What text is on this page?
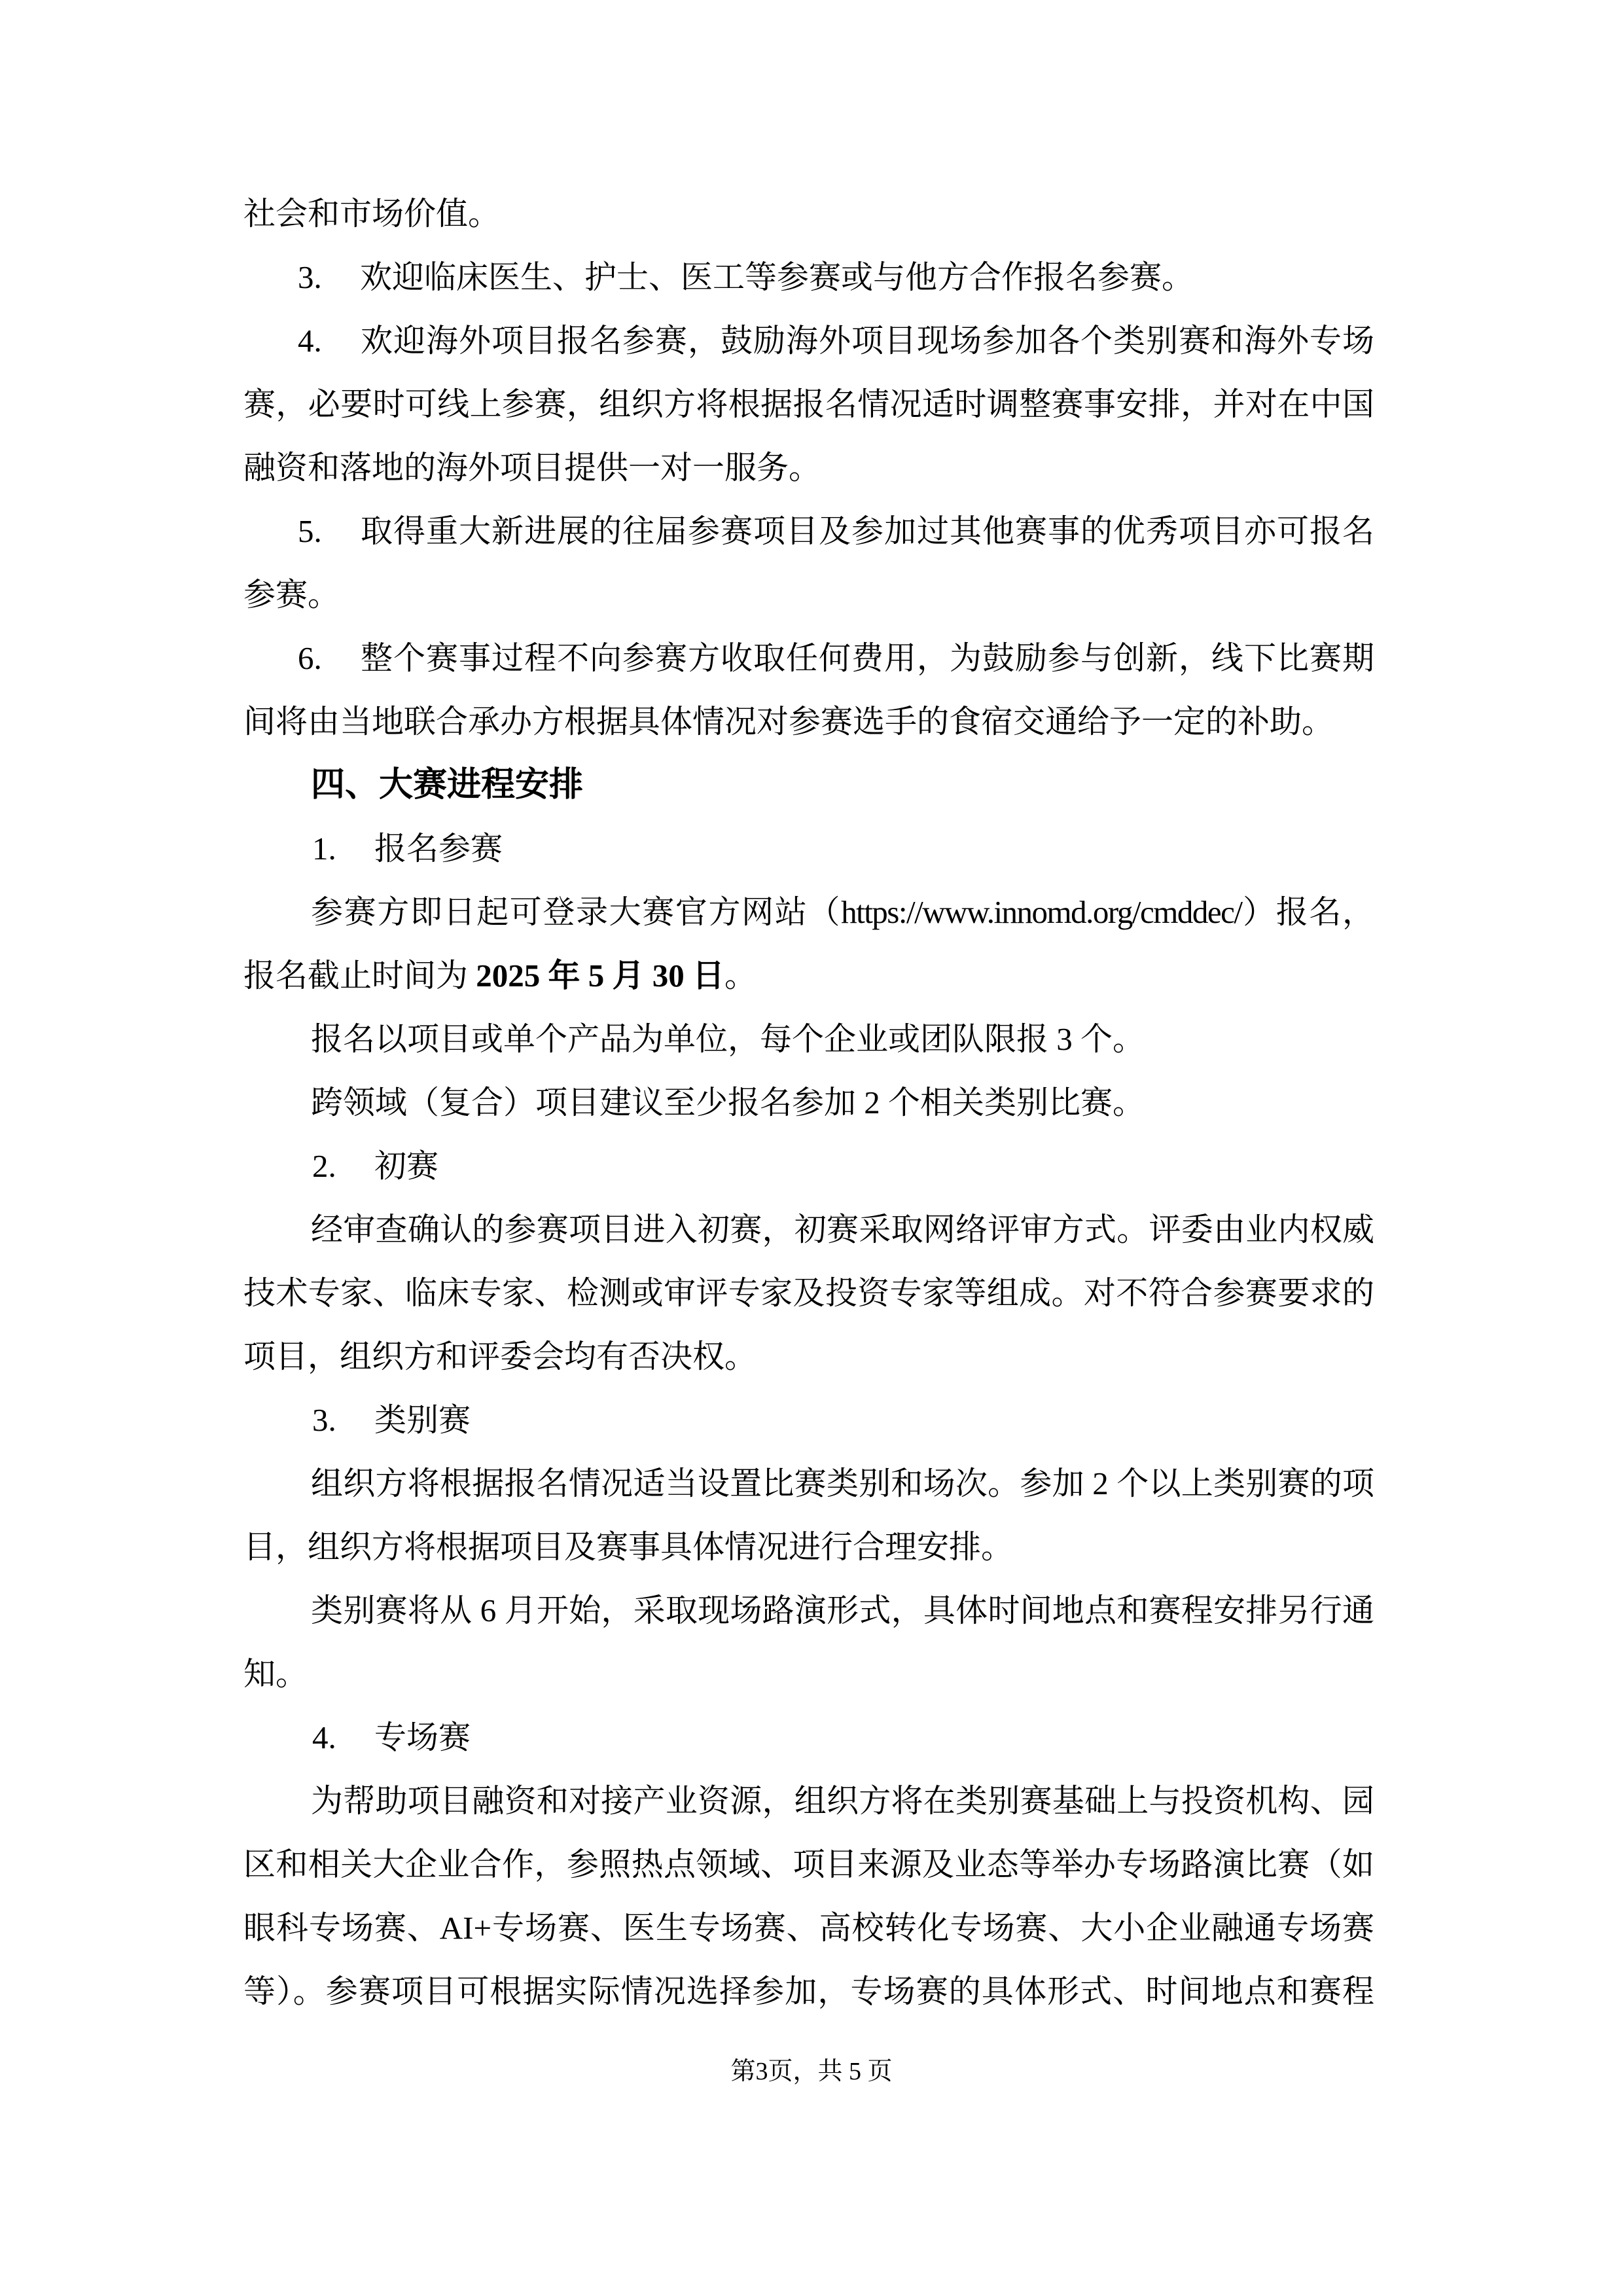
社会和市场价值。

3. 欢迎临床医生、护士、医工等参赛或与他方合作报名参赛。

4. 欢迎海外项目报名参赛，鼓励海外项目现场参加各个类别赛和海外专场赛，必要时可线上参赛，组织方将根据报名情况适时调整赛事安排，并对在中国融资和落地的海外项目提供一对一服务。

5. 取得重大新进展的往届参赛项目及参加过其他赛事的优秀项目亦可报名参赛。

6. 整个赛事过程不向参赛方收取任何费用，为鼓励参与创新，线下比赛期间将由当地联合承办方根据具体情况对参赛选手的食宿交通给予一定的补助。

四、大赛进程安排

1. 报名参赛

参赛方即日起可登录大赛官方网站（https://www.innomd.org/cmddec/）报名，报名截止时间为 2025 年 5 月 30 日。

报名以项目或单个产品为单位，每个企业或团队限报 3 个。

跨领域（复合）项目建议至少报名参加 2 个相关类别比赛。

2. 初赛

经审查确认的参赛项目进入初赛，初赛采取网络评审方式。评委由业内权威技术专家、临床专家、检测或审评专家及投资专家等组成。对不符合参赛要求的项目，组织方和评委会均有否决权。

3. 类别赛

组织方将根据报名情况适当设置比赛类别和场次。参加 2 个以上类别赛的项目，组织方将根据项目及赛事具体情况进行合理安排。

类别赛将从 6 月开始，采取现场路演形式，具体时间地点和赛程安排另行通知。

4. 专场赛

为帮助项目融资和对接产业资源，组织方将在类别赛基础上与投资机构、园区和相关大企业合作，参照热点领域、项目来源及业态等举办专场路演比赛（如眼科专场赛、AI+专场赛、医生专场赛、高校转化专场赛、大小企业融通专场赛等）。参赛项目可根据实际情况选择参加，专场赛的具体形式、时间地点和赛程

第3页，共 5 页
